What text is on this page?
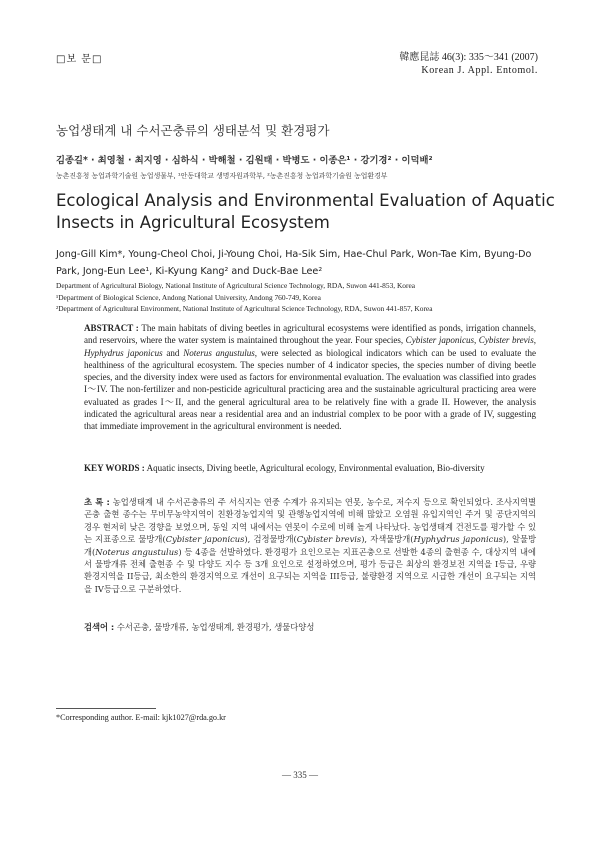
□보 문□	韓應昆誌 46(3): 335～341 (2007)
Korean J. Appl. Entomol.
농업생태계 내 수서곤충류의 생태분석 및 환경평가
김종길* · 최영철 · 최지영 · 심하식 · 박해철 · 김원태 · 박병도 · 이종은¹ · 강기경² · 이덕배²
농촌진흥청 농업과학기술원 농업생물부, ¹안동대학교 생명자원과학부, ²농촌진흥청 농업과학기술원 농업환경부
Ecological Analysis and Environmental Evaluation of Aquatic Insects in Agricultural Ecosystem
Jong-Gill Kim*, Young-Cheol Choi, Ji-Young Choi, Ha-Sik Sim, Hae-Chul Park, Won-Tae Kim, Byung-Do Park, Jong-Eun Lee¹, Ki-Kyung Kang² and Duck-Bae Lee²
Department of Agricultural Biology, National Institute of Agricultural Science Technology, RDA, Suwon 441-853, Korea
¹Department of Biological Science, Andong National University, Andong 760-749, Korea
²Department of Agricultural Environment, National Institute of Agricultural Science Technology, RDA, Suwon 441-857, Korea
ABSTRACT : The main habitats of diving beetles in agricultural ecosystems were identified as ponds, irrigation channels, and reservoirs, where the water system is maintained throughout the year. Four species, Cybister japonicus, Cybister brevis, Hyphydrus japonicus and Noterus angustulus, were selected as biological indicators which can be used to evaluate the healthiness of the agricultural ecosystem. The species number of 4 indicator species, the species number of diving beetle species, and the diversity index were used as factors for environmental evaluation. The evaluation was classified into grades I～IV. The non-fertilizer and non-pesticide agricultural practicing area and the sustainable agricultural practicing area were evaluated as grades I～II, and the general agricultural area to be relatively fine with a grade II. However, the analysis indicated the agricultural areas near a residential area and an industrial complex to be poor with a grade of IV, suggesting that immediate improvement in the agricultural environment is needed.
KEY WORDS : Aquatic insects, Diving beetle, Agricultural ecology, Environmental evaluation, Bio-diversity
초 록 : 농업생태계 내 수서곤충류의 주 서식지는 연중 수계가 유지되는 연못, 농수로, 저수지 등으로 확인되었다. 조사지역별 곤충 출현 종수는 무비무농약지역이 친환경농업지역 및 관행농업지역에 비해 많았고 오염원 유입지역인 주거 및 공단지역의 경우 현저히 낮은 경향을 보였으며, 동일 지역 내에서는 연못이 수로에 비해 높게 나타났다. 농업생태계 건전도를 평가할 수 있는 지표종으로 물방개(Cybister japonicus), 검정물방개(Cybister brevis), 자색물방개(Hyphydrus japonicus), 알물방개(Noterus angustulus) 등 4종을 선발하였다. 환경평가 요인으로는 지표곤충으로 선발한 4종의 출현종 수, 대상지역 내에서 물방개류 전체 출현종 수 및 다양도 지수 등 3개 요인으로 설정하였으며, 평가 등급은 최상의 환경보전 지역을 I등급, 우량 환경지역을 II등급, 최소한의 환경지역으로 개선이 요구되는 지역을 III등급, 불량환경 지역으로 시급한 개선이 요구되는 지역을 IV등급으로 구분하였다.
검색어 : 수서곤충, 물방개류, 농업생태계, 환경평가, 생물다양성
*Corresponding author. E-mail: kjk1027@rda.go.kr
— 335 —
